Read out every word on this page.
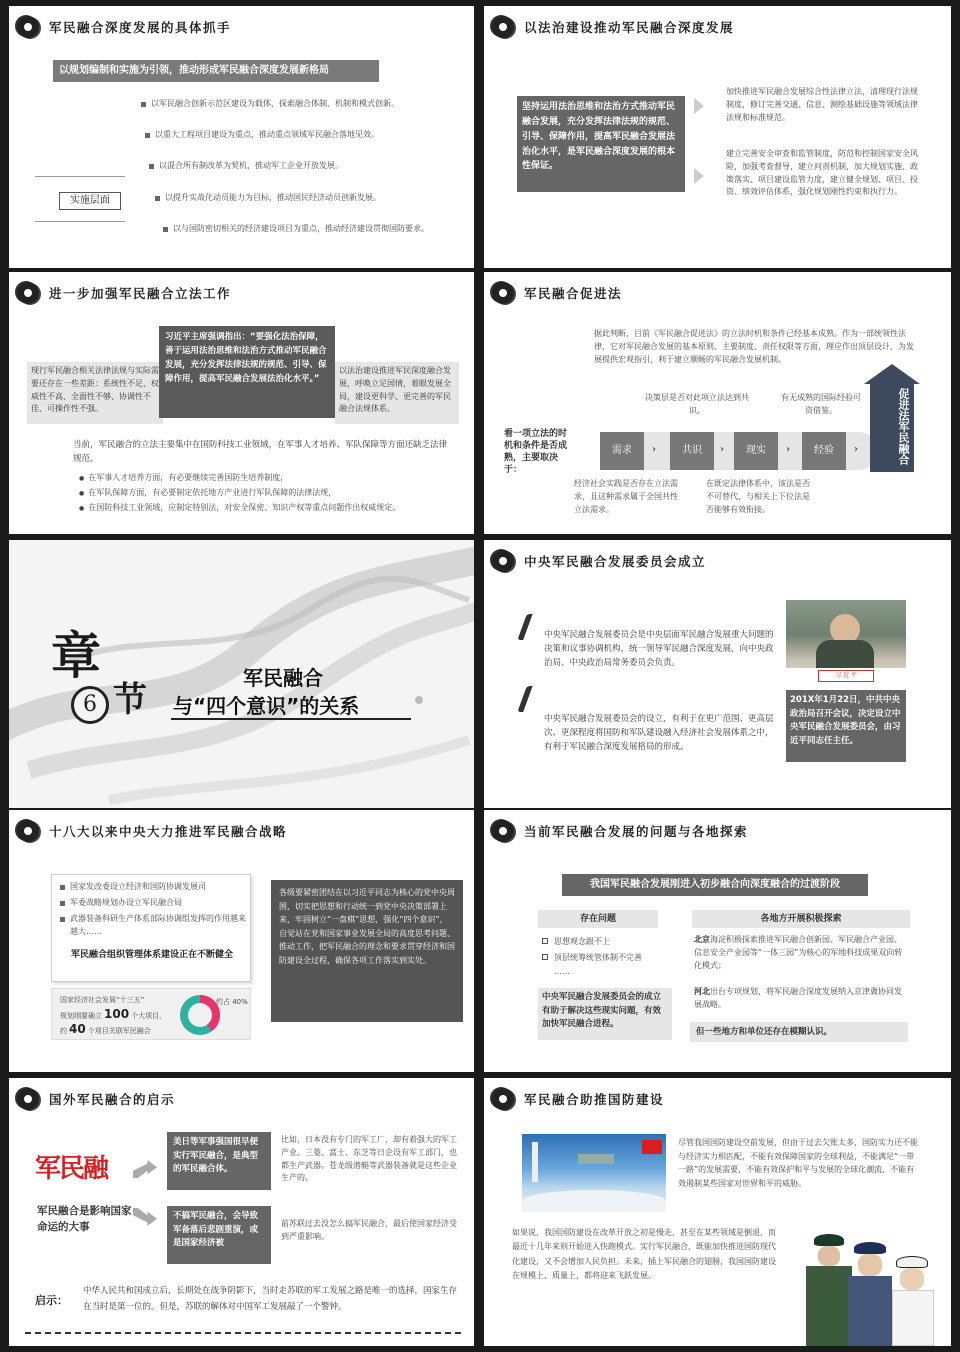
军民融合深度发展的具体抓手
以规划编制和实施为引领，推动形成军民融合深度发展新格局
实施层面
以军民融合创新示范区建设为载体，探索融合体制、机制和模式创新。
以重大工程项目建设为重点，推动重点领域军民融合落地见效。
以混合所有制改革为契机，推动军工企业开放发展。
以提升实战化动员能力为目标，推动国民经济动员创新发展。
以与国防密切相关的经济建设项目为重点，推动经济建设贯彻国防要求。
以法治建设推动军民融合深度发展
坚持运用法治思维和法治方式推动军民融合发展，充分发挥法律法规的规范、引导、保障作用，提高军民融合发展法治化水平，是军民融合深度发展的根本性保证。
加快推进军民融合发展综合性法律立法，清理现行法规制度，修订完善交通、信息、测绘基础设施等领域法律法规和标准规范。
建立完善安全审查和监管制度，防范和控制国家安全风险，加强考查督导，建立问责机制，加大规划实施、政策落实、项目建设监管力度，建立健全规划、项目、投资、绩效评估体系，强化规划刚性约束和执行力。
进一步加强军民融合立法工作
现行军民融合相关法律法规与实际需要还存在一些差距：系统性不足、权威性不高、全面性不够、协调性不佳、可操作性不强。
习近平主席强调指出：“要强化法治保障，善于运用法治思维和法治方式推动军民融合发展，充分发挥法律法规的规范、引导、保障作用，提高军民融合发展法治化水平。”
以法治建设推进军民深度融合发展，呼唤立足国情，着眼发展全局，建设更科学、更完善的军民融合法规体系。
当前，军民融合的立法主要集中在国防科技工业领域，在军事人才培养、军队保障等方面还缺乏法律规范。
● 在军事人才培养方面，有必要继续完善国防生培养制度，
● 在军队保障方面，有必要制定依托地方产业进行军队保障的法律法规，
● 在国防科技工业领域，应制定特别法，对安全保密、知识产权等重点问题作出权威规定。
军民融合促进法
据此判断，目前《军民融合促进法》的立法时机和条件已经基本成熟。作为一部统领性法律，它对军民融合发展的基本原则、主要制度、责任权限等方面，理应作出顶层设计，为发展提供宏观指引，利于建立顺畅的军民融合发展机制。
看一项立法的时机和条件是否成熟，主要取决于：
需求	›	共识	›	现实	›	经验	›	促进法军民融合
决策层是否对此项立法达到共识。
有无成熟的国际经验可资借鉴。
经济社会实践是否存在立法需求，且这种需求属于全国共性立法需求。
在既定法律体系中，该法是否不可替代，与相关上下位法是否能够有效衔接。
章
6 节
军民融合
与“四个意识”的关系
中央军民融合发展委员会成立
中央军民融合发展委员会是中央层面军民融合发展重大问题的决策和议事协调机构，统一领导军民融合深度发展，向中央政治局、中央政治局常务委员会负责。
中央军民融合发展委员会的设立，有利于在更广范围、更高层次、更深程度将国防和军队建设融入经济社会发展体系之中，有利于军民融合深度发展格局的形成。
习 近 平
201X年1月22日，中共中央政治局召开会议，决定设立中央军民融合发展委员会，由习近平同志任主任。
十八大以来中央大力推进军民融合战略
国家发改委设立经济和国防协调发展司
军委战略规划办设立军民融合局
武器装备科研生产体系部际协调组发挥的作用越来越大……
军民融合组织管理体系建设正在不断健全
国家经济社会发展“十三五”
规划纲要确立 100 个大项目，
约 40 个项目关联军民融合
约占 40%
各级要紧密团结在以习近平同志为核心的党中央周围，切实把思想和行动统一到党中央决策部署上来，牢固树立“一盘棋”思想，强化“四个意识”，自觉站在党和国家事业发展全局的高度思考问题、推动工作，把军民融合的理念和要求贯穿经济和国防建设全过程，确保各项工作落实到实处。
当前军民融合发展的问题与各地探索
我国军民融合发展刚进入初步融合向深度融合的过渡阶段
存在问题	各地方开展积极探索
思想观念跟不上
顶层统筹统管体制不完善
……
中央军民融合发展委员会的成立有助于解决这些现实问题，有效加快军民融合进程。
北京海淀积极探索推进军民融合创新园、军民融合产业园、信息安全产业园等“一体三园”为核心的军地科技成果双向转化模式；
河北出台专项规划，将军民融合深度发展纳入京津冀协同发展战略。
但一些地方和单位还存在模糊认识。
国外军民融合的启示
军民融
军民融合是影响国家命运的大事
美日等军事强国很早便实行军民融合，是典型的军民融合体。
比如，日本没有专门的军工厂，却有着强大的军工产业。三菱、富士、东芝等日企设有军工部门，也都生产武器。苍龙级潜艇等武器装备就是这些企业生产的。
不搞军民融合，会导致军备落后悲剧重演，或是国家经济被
前苏联过去没怎么搞军民融合，最后使国家经济受到严重影响。
启示：
中华人民共和国成立后，长期处在战争阴影下，当时走苏联的军工发展之路是唯一的选择，国家生存在当时是第一位的。但是，苏联的解体对中国军工发展敲了一个警钟。
军民融合助推国防建设
尽管我国国防建设空前发展，但由于过去欠账太多，国防实力还不能与经济实力相匹配，不能有效保障国家的全球利益，不能满足“一带一路”的发展需要，不能有效保护和平与发展的全球化潮流，不能有效遏制某些国家对世界和平的威胁。
如果说，我国国防建设在改革开放之初是慢走，甚至在某些领域是倒退，而最近十几年来则开始进入快跑模式。实行军民融合，既能加快推进国防现代化建设，又不会增加人民负担。未来，插上军民融合的翅膀，我国国防建设在规模上、质量上，都将迎来飞跃发展。
